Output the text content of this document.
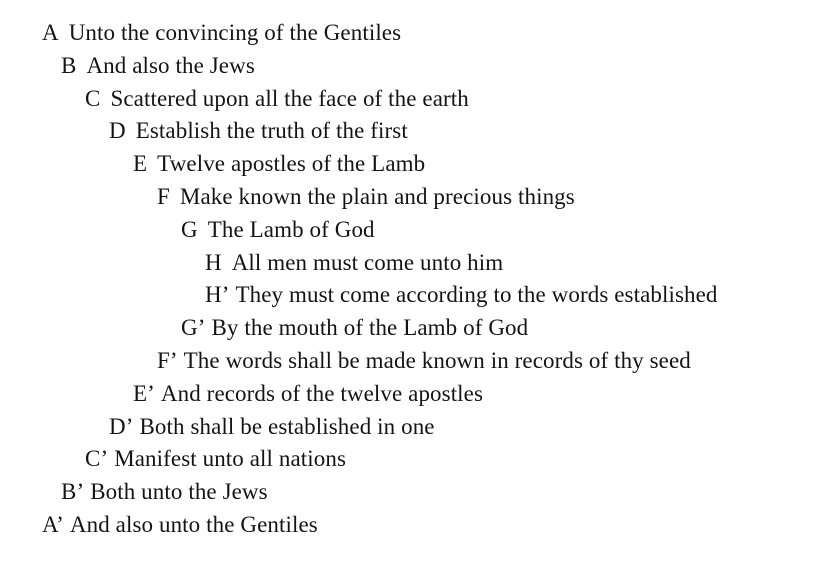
A Unto the convincing of the Gentiles
B And also the Jews
C Scattered upon all the face of the earth
D Establish the truth of the first
E Twelve apostles of the Lamb
F Make known the plain and precious things
G The Lamb of God
H All men must come unto him
H’ They must come according to the words established
G’ By the mouth of the Lamb of God
F’ The words shall be made known in records of thy seed
E’ And records of the twelve apostles
D’ Both shall be established in one
C’ Manifest unto all nations
B’ Both unto the Jews
A’ And also unto the Gentiles
